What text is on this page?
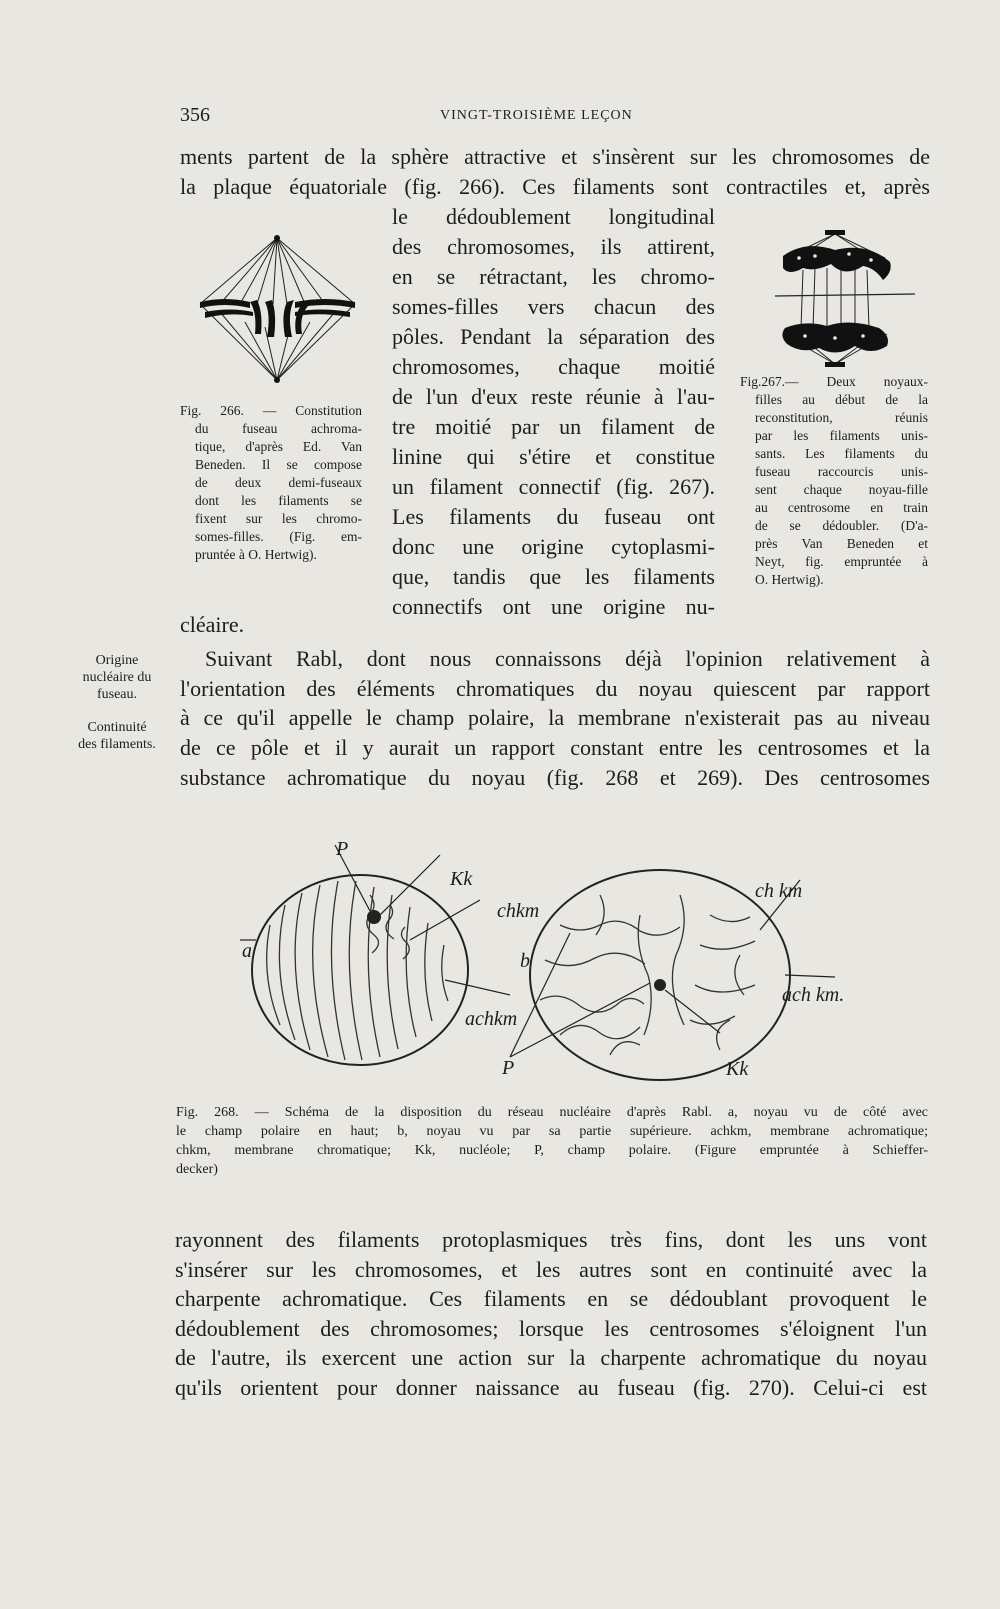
356	VINGT-TROISIÈME LEÇON
ments partent de la sphère attractive et s'insèrent sur les chromosomes de
la plaque équatoriale (fig. 266). Ces filaments sont contractiles et, après
Fig. 266. — Constitution
du fuseau achroma-
tique, d'après Ed. Van
Beneden. Il se compose
de deux demi-fuseaux
dont les filaments se
fixent sur les chromo-
somes-filles. (Fig. em-
pruntée à O. Hertwig).
le dédoublement longitudinal
des chromosomes, ils attirent,
en se rétractant, les chromo-
somes-filles vers chacun des
pôles. Pendant la séparation des
chromosomes, chaque moitié
de l'un d'eux reste réunie à l'au-
tre moitié par un filament de
linine qui s'étire et constitue
un filament connectif (fig. 267).
Les filaments du fuseau ont
donc une origine cytoplasmi-
que, tandis que les filaments
connectifs ont une origine nu-
Fig.267.— Deux noyaux-
filles au début de la
reconstitution, réunis
par les filaments unis-
sants. Les filaments du
fuseau raccourcis unis-
sent chaque noyau-fille
au centrosome en train
de se dédoubler. (D'a-
près Van Beneden et
Neyt, fig. empruntée à
O. Hertwig).
cléaire.
Origine
nucléaire du
fuseau.
Continuité
des filaments.
Suivant Rabl, dont nous connaissons déjà l'opinion relativement à
l'orientation des éléments chromatiques du noyau quiescent par rapport
à ce qu'il appelle le champ polaire, la membrane n'existerait pas au niveau
de ce pôle et il y aurait un rapport constant entre les centrosomes et la
substance achromatique du noyau (fig. 268 et 269). Des centrosomes
P
Kk
chkm
a	b
achkm
P
ch km
ach km.
Kk
Fig. 268. — Schéma de la disposition du réseau nucléaire d'après Rabl. a, noyau vu de côté avec
le champ polaire en haut; b, noyau vu par sa partie supérieure. achkm, membrane achromatique;
chkm, membrane chromatique; Kk, nucléole; P, champ polaire. (Figure empruntée à Schieffer-
decker)
rayonnent des filaments protoplasmiques très fins, dont les uns vont
s'insérer sur les chromosomes, et les autres sont en continuité avec la
charpente achromatique. Ces filaments en se dédoublant provoquent le
dédoublement des chromosomes; lorsque les centrosomes s'éloignent l'un
de l'autre, ils exercent une action sur la charpente achromatique du noyau
qu'ils orientent pour donner naissance au fuseau (fig. 270). Celui-ci est
